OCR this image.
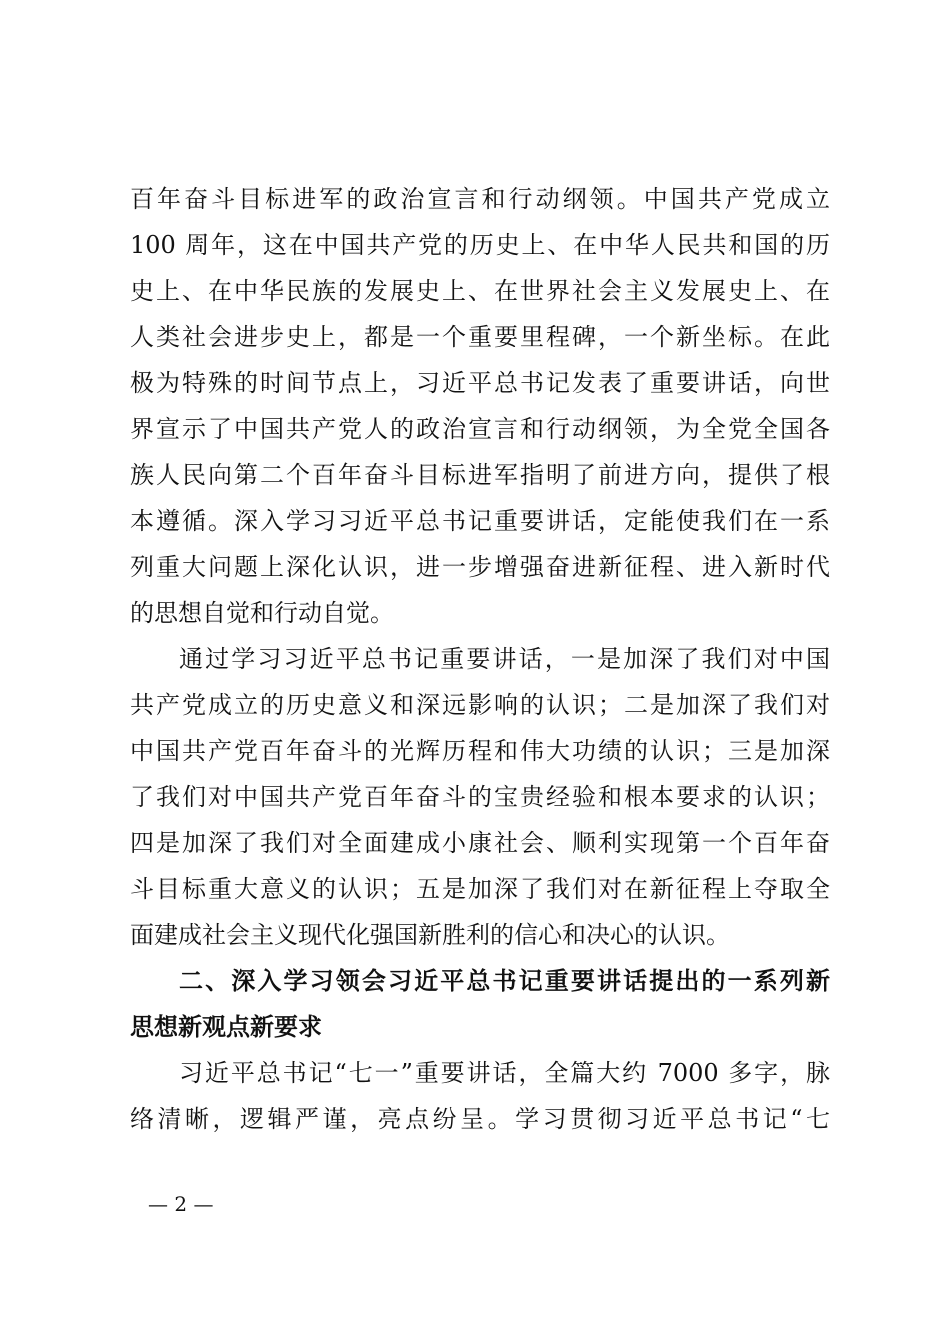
百年奋斗目标进军的政治宣言和行动纲领。中国共产党成立
100 周年，这在中国共产党的历史上、在中华人民共和国的历
史上、在中华民族的发展史上、在世界社会主义发展史上、在
人类社会进步史上，都是一个重要里程碑，一个新坐标。在此
极为特殊的时间节点上，习近平总书记发表了重要讲话，向世
界宣示了中国共产党人的政治宣言和行动纲领，为全党全国各
族人民向第二个百年奋斗目标进军指明了前进方向，提供了根
本遵循。深入学习习近平总书记重要讲话，定能使我们在一系
列重大问题上深化认识，进一步增强奋进新征程、进入新时代
的思想自觉和行动自觉。
通过学习习近平总书记重要讲话，一是加深了我们对中国
共产党成立的历史意义和深远影响的认识；二是加深了我们对
中国共产党百年奋斗的光辉历程和伟大功绩的认识；三是加深
了我们对中国共产党百年奋斗的宝贵经验和根本要求的认识；
四是加深了我们对全面建成小康社会、顺利实现第一个百年奋
斗目标重大意义的认识；五是加深了我们对在新征程上夺取全
面建成社会主义现代化强国新胜利的信心和决心的认识。
二、深入学习领会习近平总书记重要讲话提出的一系列新
思想新观点新要求
习近平总书记“七一”重要讲话，全篇大约 7000 多字，脉
络清晰，逻辑严谨，亮点纷呈。学习贯彻习近平总书记“七
— 2 —
